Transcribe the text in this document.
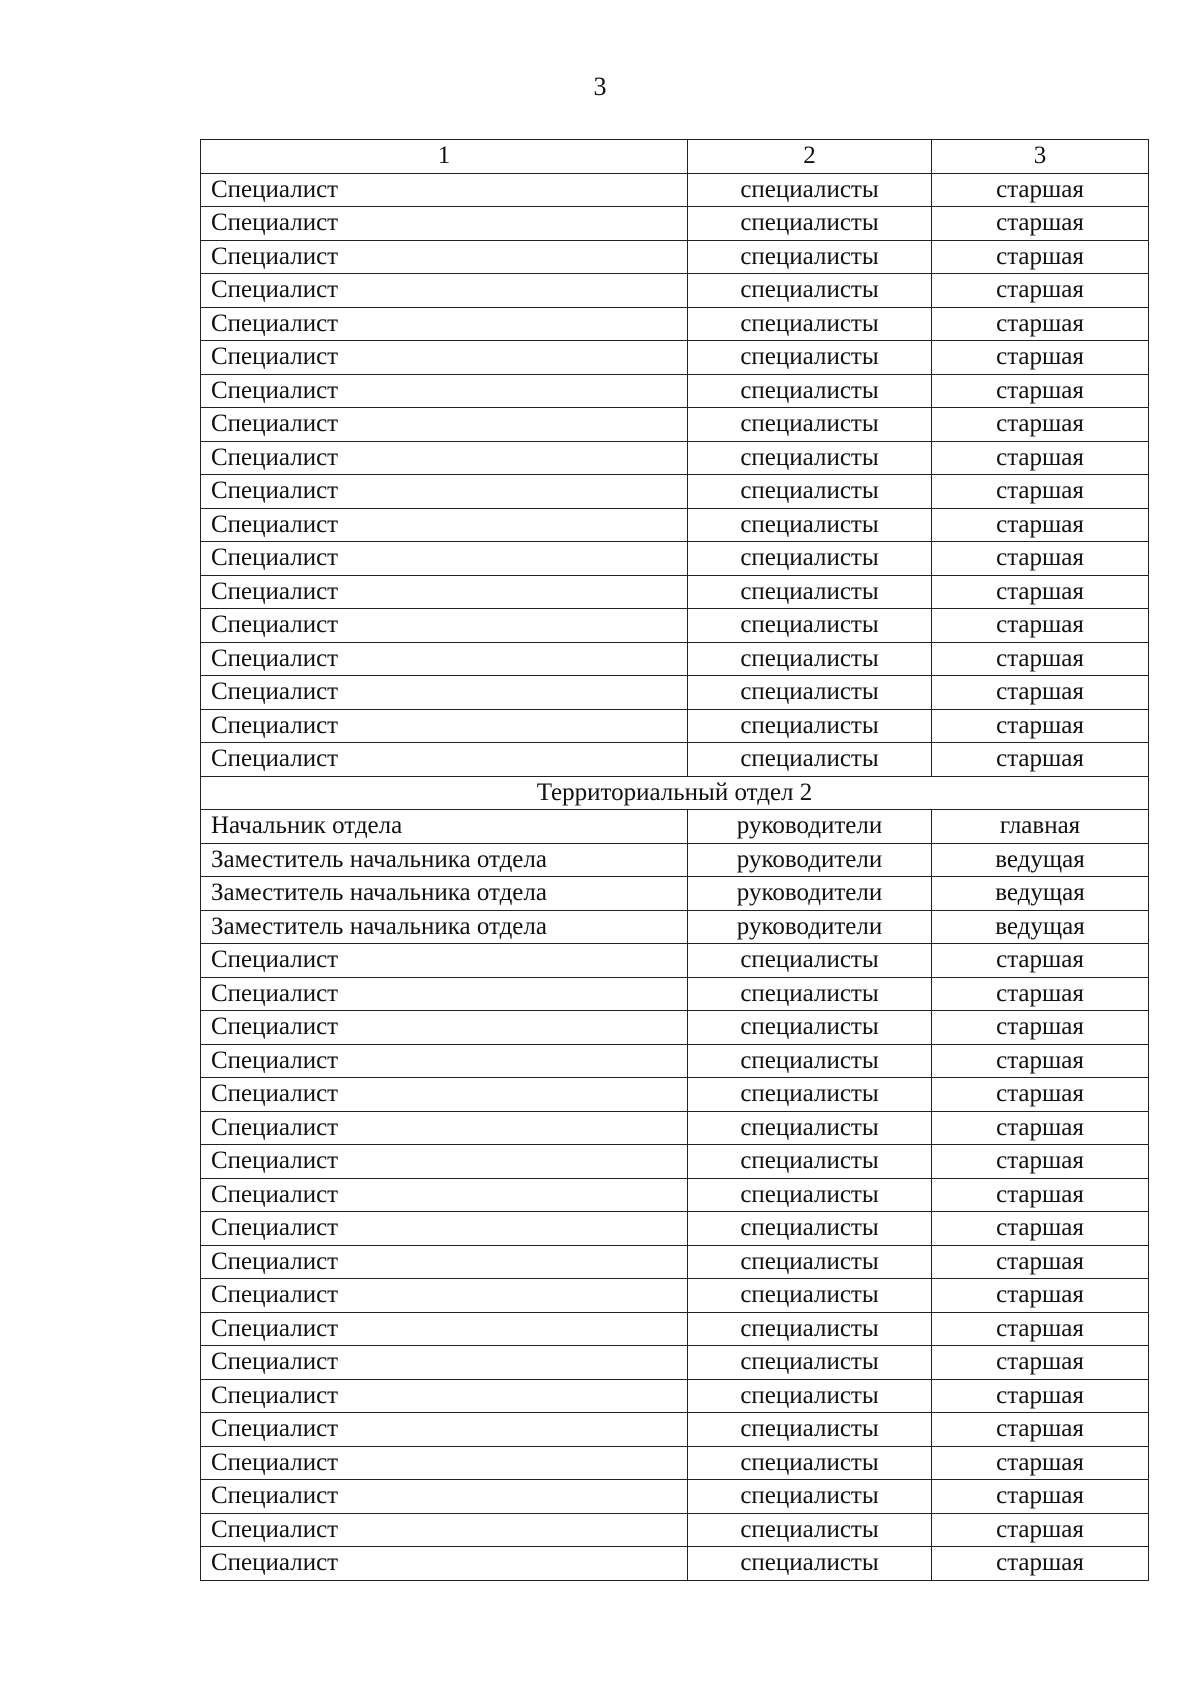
3
1	2	3
Специалист	специалисты	старшая
Специалист	специалисты	старшая
Специалист	специалисты	старшая
Специалист	специалисты	старшая
Специалист	специалисты	старшая
Специалист	специалисты	старшая
Специалист	специалисты	старшая
Специалист	специалисты	старшая
Специалист	специалисты	старшая
Специалист	специалисты	старшая
Специалист	специалисты	старшая
Специалист	специалисты	старшая
Специалист	специалисты	старшая
Специалист	специалисты	старшая
Специалист	специалисты	старшая
Специалист	специалисты	старшая
Специалист	специалисты	старшая
Специалист	специалисты	старшая
Территориальный отдел 2		
Начальник отдела	руководители	главная
Заместитель начальника отдела	руководители	ведущая
Заместитель начальника отдела	руководители	ведущая
Заместитель начальника отдела	руководители	ведущая
Специалист	специалисты	старшая
Специалист	специалисты	старшая
Специалист	специалисты	старшая
Специалист	специалисты	старшая
Специалист	специалисты	старшая
Специалист	специалисты	старшая
Специалист	специалисты	старшая
Специалист	специалисты	старшая
Специалист	специалисты	старшая
Специалист	специалисты	старшая
Специалист	специалисты	старшая
Специалист	специалисты	старшая
Специалист	специалисты	старшая
Специалист	специалисты	старшая
Специалист	специалисты	старшая
Специалист	специалисты	старшая
Специалист	специалисты	старшая
Специалист	специалисты	старшая
Специалист	специалисты	старшая
